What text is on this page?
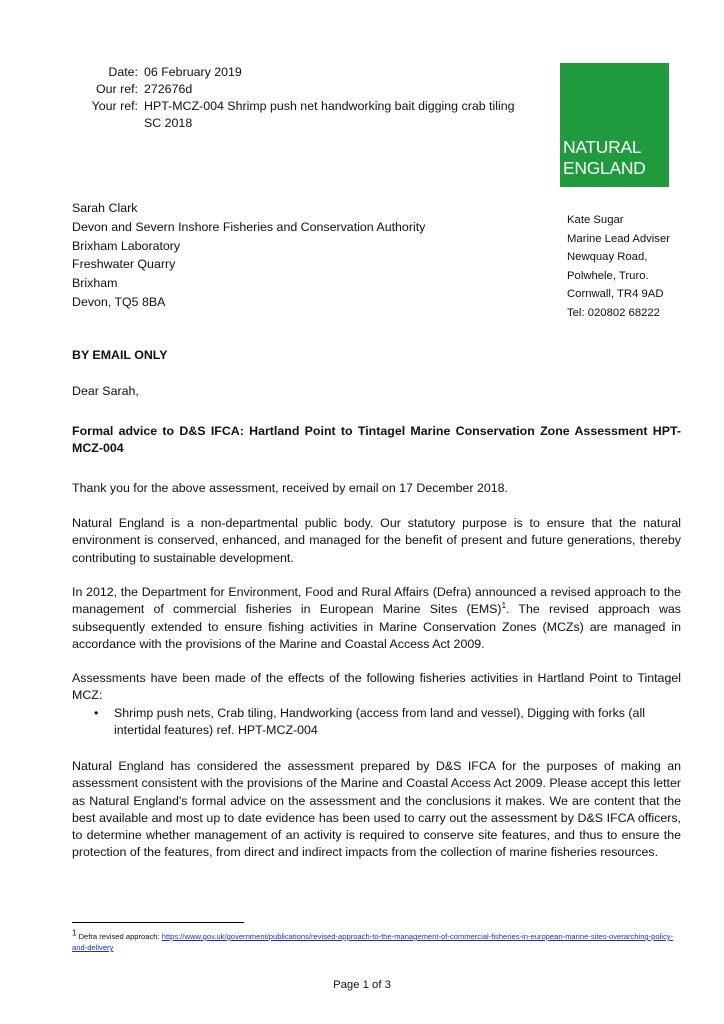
Date: 06 February 2019
Our ref: 272676d
Your ref: HPT-MCZ-004 Shrimp push net handworking bait digging crab tiling SC 2018
NATURAL
ENGLAND
Sarah Clark
Devon and Severn Inshore Fisheries and Conservation Authority
Brixham Laboratory
Freshwater Quarry
Brixham
Devon, TQ5 8BA
Kate Sugar
Marine Lead Adviser
Newquay Road,
Polwhele, Truro.
Cornwall, TR4 9AD
Tel: 020802 68222
BY EMAIL ONLY
Dear Sarah,
Formal advice to D&S IFCA: Hartland Point to Tintagel Marine Conservation Zone Assessment HPT-MCZ-004
Thank you for the above assessment, received by email on 17 December 2018.
Natural England is a non-departmental public body. Our statutory purpose is to ensure that the natural environment is conserved, enhanced, and managed for the benefit of present and future generations, thereby contributing to sustainable development.
In 2012, the Department for Environment, Food and Rural Affairs (Defra) announced a revised approach to the management of commercial fisheries in European Marine Sites (EMS)$^1$. The revised approach was subsequently extended to ensure fishing activities in Marine Conservation Zones (MCZs) are managed in accordance with the provisions of the Marine and Coastal Access Act 2009.
Assessments have been made of the effects of the following fisheries activities in Hartland Point to Tintagel MCZ:
• Shrimp push nets, Crab tiling, Handworking (access from land and vessel), Digging with forks (all intertidal features) ref. HPT-MCZ-004
Natural England has considered the assessment prepared by D&S IFCA for the purposes of making an assessment consistent with the provisions of the Marine and Coastal Access Act 2009. Please accept this letter as Natural England's formal advice on the assessment and the conclusions it makes. We are content that the best available and most up to date evidence has been used to carry out the assessment by D&S IFCA officers, to determine whether management of an activity is required to conserve site features, and thus to ensure the protection of the features, from direct and indirect impacts from the collection of marine fisheries resources.
$^1$ Defra revised approach: https://www.gov.uk/government/publications/revised-approach-to-the-management-of-commercial-fisheries-in-european-marine-sites-overarching-policy-and-delivery
Page 1 of 3
